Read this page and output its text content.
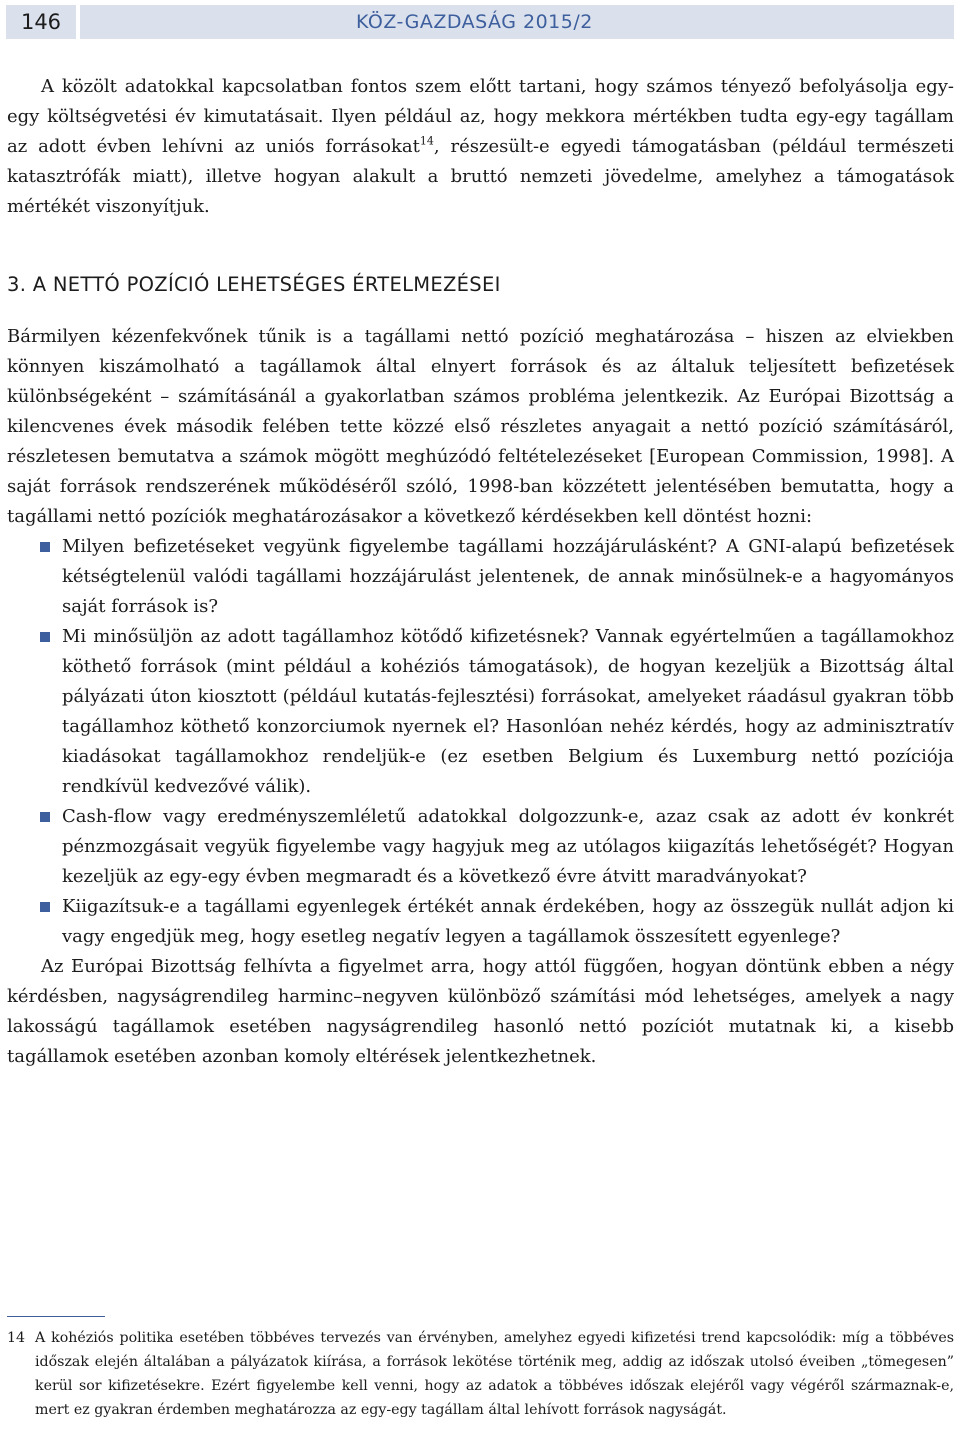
146	KÖZ-GAZDASÁG 2015/2

A közölt adatokkal kapcsolatban fontos szem előtt tartani, hogy számos tényező befolyásolja egy-egy költségvetési év kimutatásait. Ilyen például az, hogy mekkora mértékben tudta egy-egy tagállam az adott évben lehívni az uniós forrásokat$^{14}$, részesült-e egyedi támogatásban (például természeti katasztrófák miatt), illetve hogyan alakult a bruttó nemzeti jövedelme, amelyhez a támogatások mértékét viszonyítjuk.

3. A NETTÓ POZÍCIÓ LEHETSÉGES ÉRTELMEZÉSEI

Bármilyen kézenfekvőnek tűnik is a tagállami nettó pozíció meghatározása – hiszen az elviekben könnyen kiszámolható a tagállamok által elnyert források és az általuk teljesített befizetések különbségeként – számításánál a gyakorlatban számos probléma jelentkezik. Az Európai Bizottság a kilencvenes évek második felében tette közzé első részletes anyagait a nettó pozíció számításáról, részletesen bemutatva a számok mögött meghúzódó feltételezéseket [European Commission, 1998]. A saját források rendszerének működéséről szóló, 1998-ban közzétett jelentésében bemutatta, hogy a tagállami nettó pozíciók meghatározásakor a következő kérdésekben kell döntést hozni:

Milyen befizetéseket vegyünk figyelembe tagállami hozzájárulásként? A GNI-alapú befizetések kétségtelenül valódi tagállami hozzájárulást jelentenek, de annak minősülnek-e a hagyományos saját források is?
Mi minősüljön az adott tagállamhoz kötődő kifizetésnek? Vannak egyértelműen a tagállamokhoz köthető források (mint például a kohéziós támogatások), de hogyan kezeljük a Bizottság által pályázati úton kiosztott (például kutatás-fejlesztési) forrásokat, amelyeket ráadásul gyakran több tagállamhoz köthető konzorciumok nyernek el? Hasonlóan nehéz kérdés, hogy az adminisztratív kiadásokat tagállamokhoz rendeljük-e (ez esetben Belgium és Luxemburg nettó pozíciója rendkívül kedvezővé válik).
Cash-flow vagy eredményszemléletű adatokkal dolgozzunk-e, azaz csak az adott év konkrét pénzmozgásait vegyük figyelembe vagy hagyjuk meg az utólagos kiigazítás lehetőségét? Hogyan kezeljük az egy-egy évben megmaradt és a következő évre átvitt maradványokat?
Kiigazítsuk-e a tagállami egyenlegek értékét annak érdekében, hogy az összegük nullát adjon ki vagy engedjük meg, hogy esetleg negatív legyen a tagállamok összesített egyenlege?

Az Európai Bizottság felhívta a figyelmet arra, hogy attól függően, hogyan döntünk ebben a négy kérdésben, nagyságrendileg harminc–negyven különböző számítási mód lehetséges, amelyek a nagy lakosságú tagállamok esetében nagyságrendileg hasonló nettó pozíciót mutatnak ki, a kisebb tagállamok esetében azonban komoly eltérések jelentkezhetnek.

14 A kohéziós politika esetében többéves tervezés van érvényben, amelyhez egyedi kifizetési trend kapcsolódik: míg a többéves időszak elején általában a pályázatok kiírása, a források lekötése történik meg, addig az időszak utolsó éveiben „tömegesen” kerül sor kifizetésekre. Ezért figyelembe kell venni, hogy az adatok a többéves időszak elejéről vagy végéről származnak-e, mert ez gyakran érdemben meghatározza az egy-egy tagállam által lehívott források nagyságát.
